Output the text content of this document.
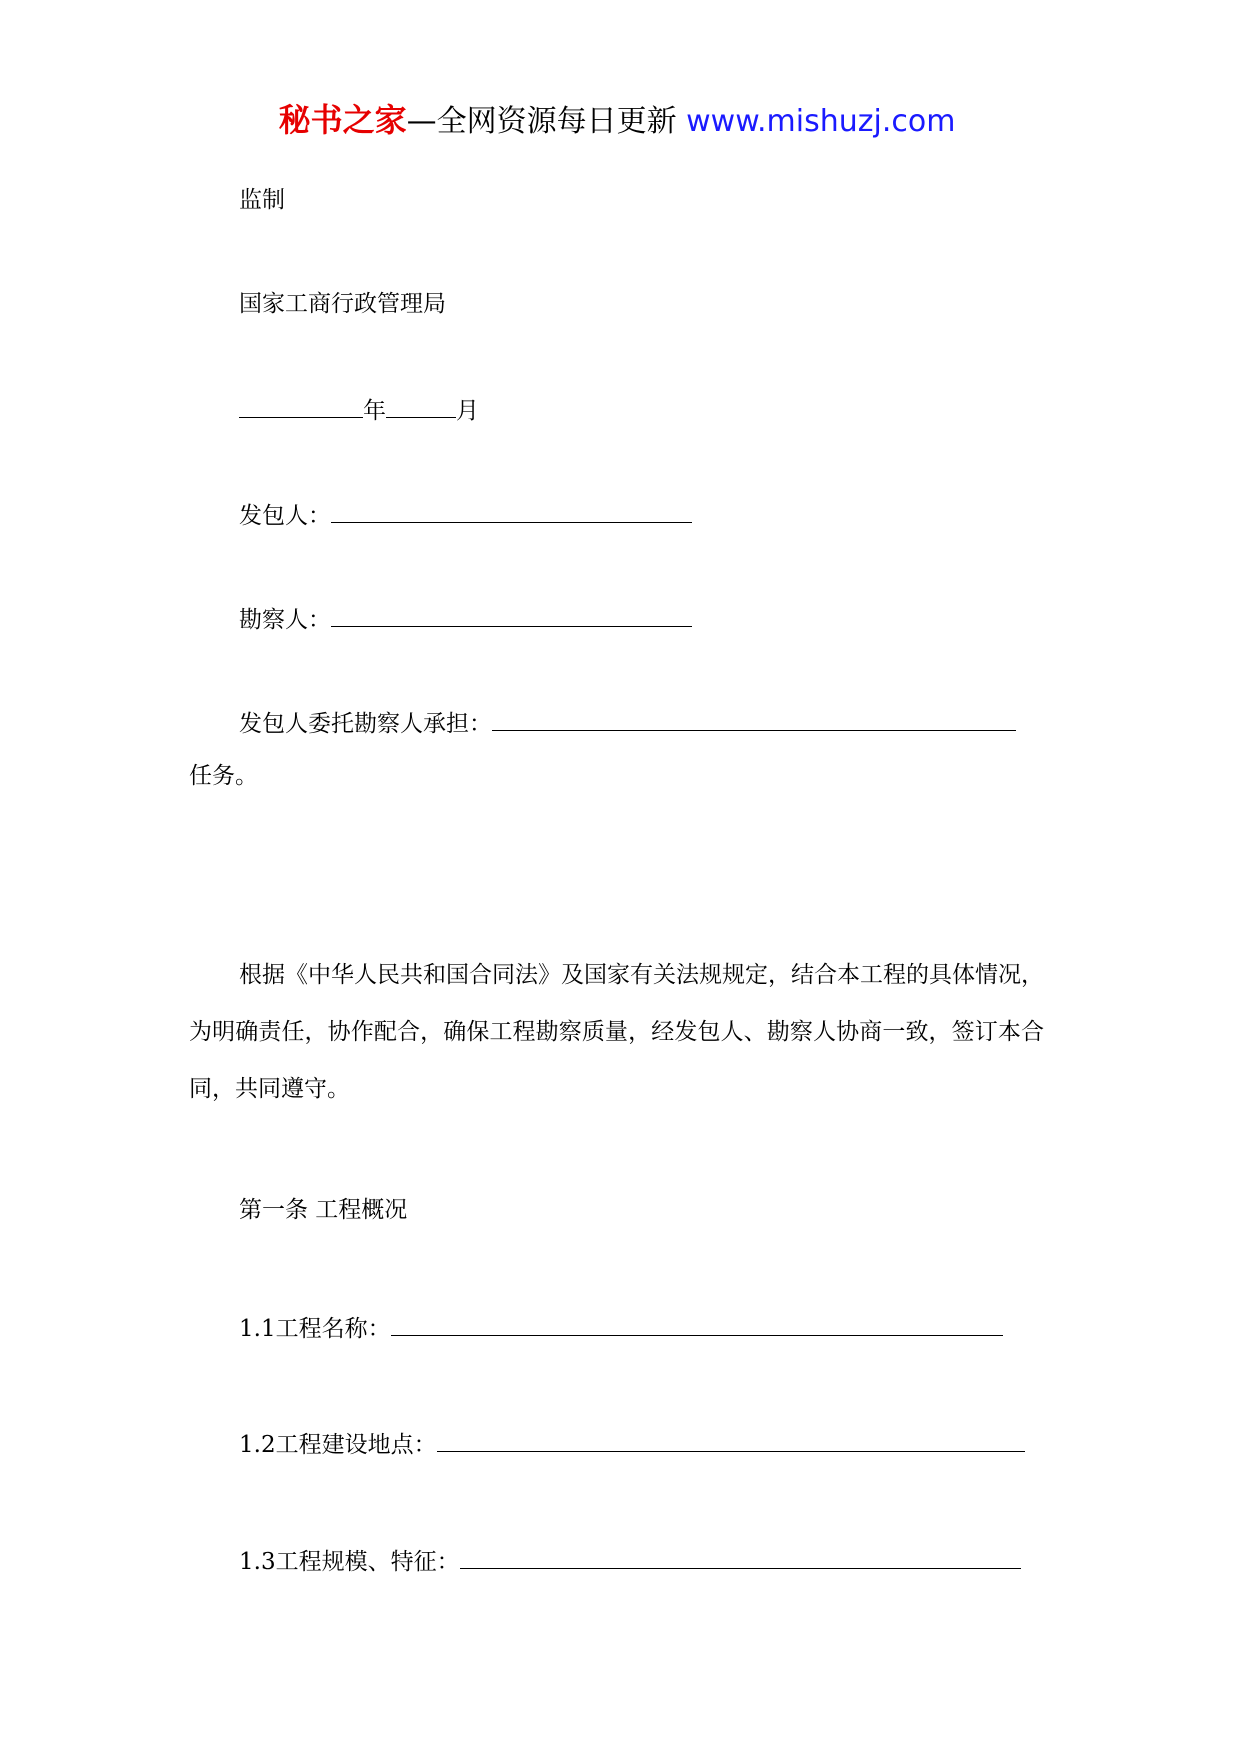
秘书之家—全网资源每日更新 www.mishuzj.com
监制
国家工商行政管理局
年	月
发包人：
勘察人：
发包人委托勘察人承担：
任务。
根据《中华人民共和国合同法》及国家有关法规规定，结合本工程的具体情况，为明确责任，协作配合，确保工程勘察质量，经发包人、勘察人协商一致，签订本合同，共同遵守。
第一条 工程概况
1.1工程名称：
1.2工程建设地点：
1.3工程规模、特征：
